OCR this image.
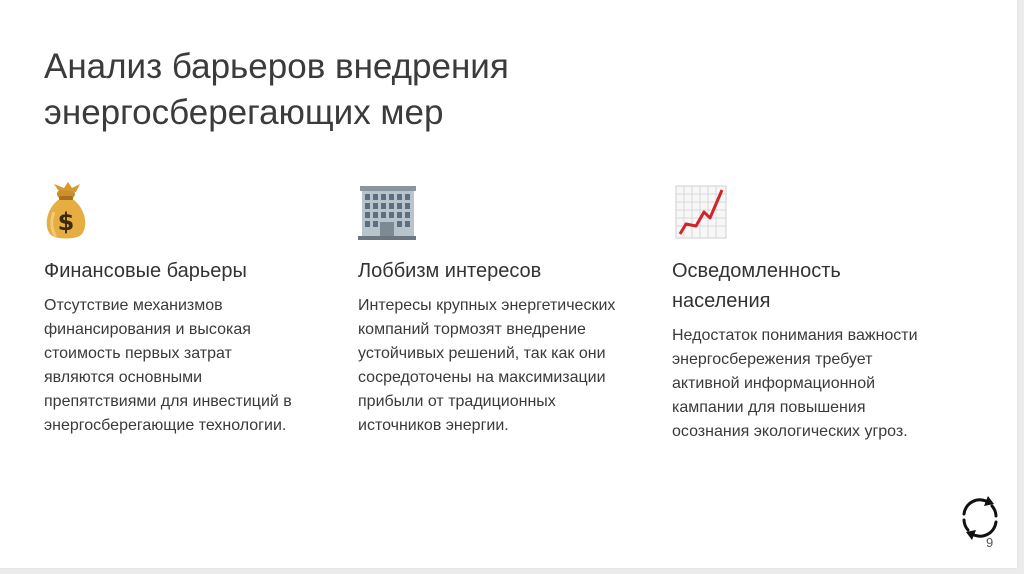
Анализ барьеров внедрения энергосберегающих мер
$
Финансовые барьеры
Отсутствие механизмов финансирования и высокая стоимость первых затрат являются основными препятствиями для инвестиций в энергосберегающие технологии.
Лоббизм интересов
Интересы крупных энергетических компаний тормозят внедрение устойчивых решений, так как они сосредоточены на максимизации прибыли от традиционных источников энергии.
Осведомленность населения
Недостаток понимания важности энергосбережения требует активной информационной кампании для повышения осознания экологических угроз.
9
